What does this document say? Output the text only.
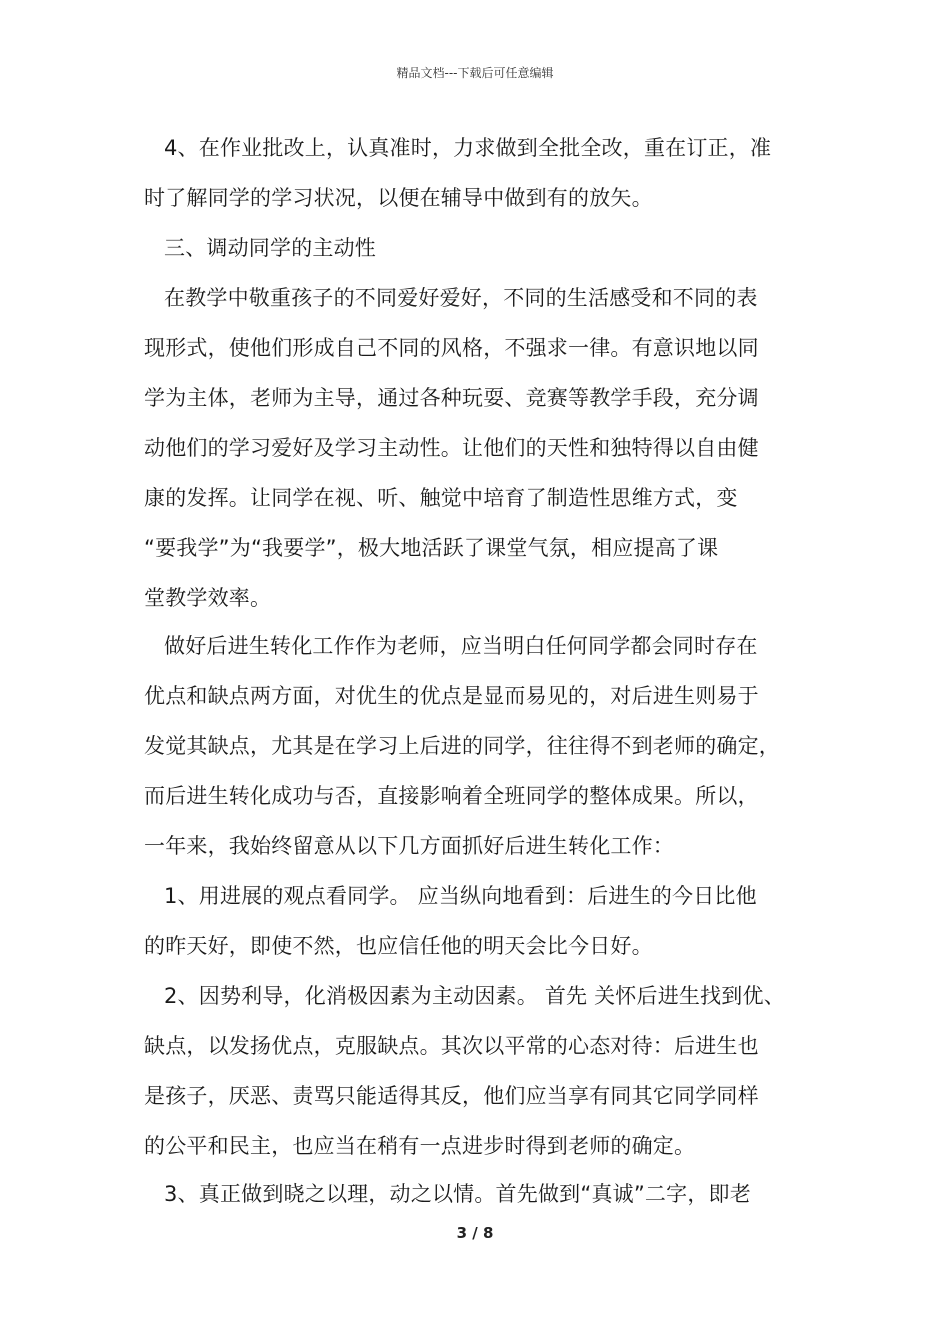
精品文档---下载后可任意编辑
4、在作业批改上，认真准时，力求做到全批全改，重在订正，准
时了解同学的学习状况，以便在辅导中做到有的放矢。
三、调动同学的主动性
在教学中敬重孩子的不同爱好爱好，不同的生活感受和不同的表
现形式，使他们形成自己不同的风格，不强求一律。有意识地以同
学为主体，老师为主导，通过各种玩耍、竞赛等教学手段，充分调
动他们的学习爱好及学习主动性。让他们的天性和独特得以自由健
康的发挥。让同学在视、听、触觉中培育了制造性思维方式，变
“要我学”为“我要学”，极大地活跃了课堂气氛，相应提高了课
堂教学效率。
做好后进生转化工作作为老师，应当明白任何同学都会同时存在
优点和缺点两方面，对优生的优点是显而易见的，对后进生则易于
发觉其缺点，尤其是在学习上后进的同学，往往得不到老师的确定，
而后进生转化成功与否，直接影响着全班同学的整体成果。所以，
一年来，我始终留意从以下几方面抓好后进生转化工作：
1、用进展的观点看同学。 应当纵向地看到：后进生的今日比他
的昨天好，即使不然，也应信任他的明天会比今日好。
2、因势利导，化消极因素为主动因素。 首先 关怀后进生找到优、
缺点，以发扬优点，克服缺点。其次以平常的心态对待：后进生也
是孩子，厌恶、责骂只能适得其反，他们应当享有同其它同学同样
的公平和民主，也应当在稍有一点进步时得到老师的确定。
3、真正做到晓之以理，动之以情。首先做到“真诚”二字，即老
3 / 8
